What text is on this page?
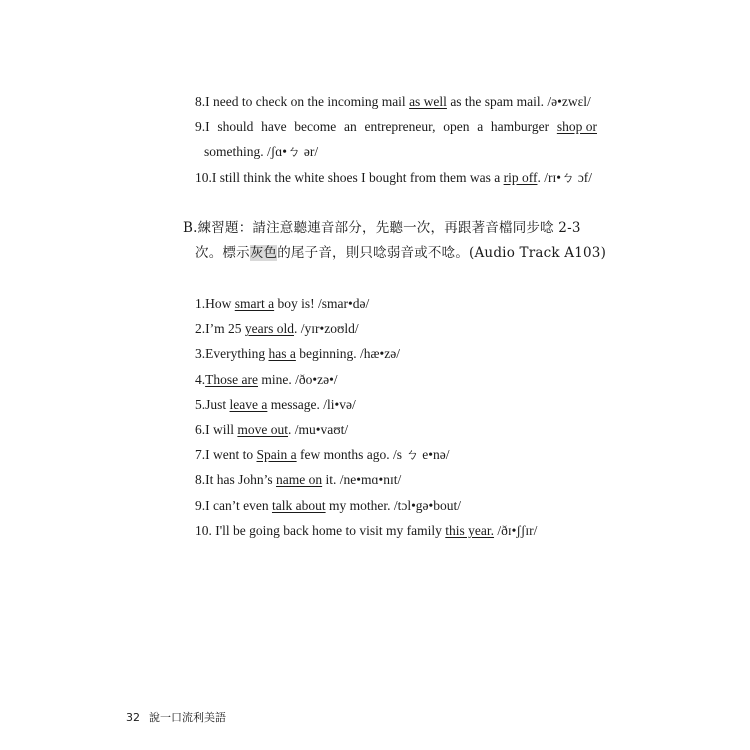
8.I need to check on the incoming mail as well as the spam mail. /ə•zwɛl/
9.I should have become an entrepreneur, open a hamburger shop or
something. /ʃɑ•ㄅ ər/
10.I still think the white shoes I bought from them was a rip off. /rɪ•ㄅ ɔf/
B.練習題：請注意聽連音部分，先聽一次，再跟著音檔同步唸 2-3
次。標示灰色的尾子音，則只唸弱音或不唸。(Audio Track A103)
1.How smart a boy is! /smar•də/
2.I’m 25 years old. /yɪr•zoʊld/
3.Everything has a beginning. /hæ•zə/
4.Those are mine. /ðo•zə•/
5.Just leave a message. /li•və/
6.I will move out. /mu•vaʊt/
7.I went to Spain a few months ago. /s ㄅ e•nə/
8.It has John’s name on it. /ne•mɑ•nɪt/
9.I can’t even talk about my mother. /tɔl•gə•bout/
10. I'll be going back home to visit my family this year. /ðɪ•ʃʃɪr/
32 說一口流利美語
